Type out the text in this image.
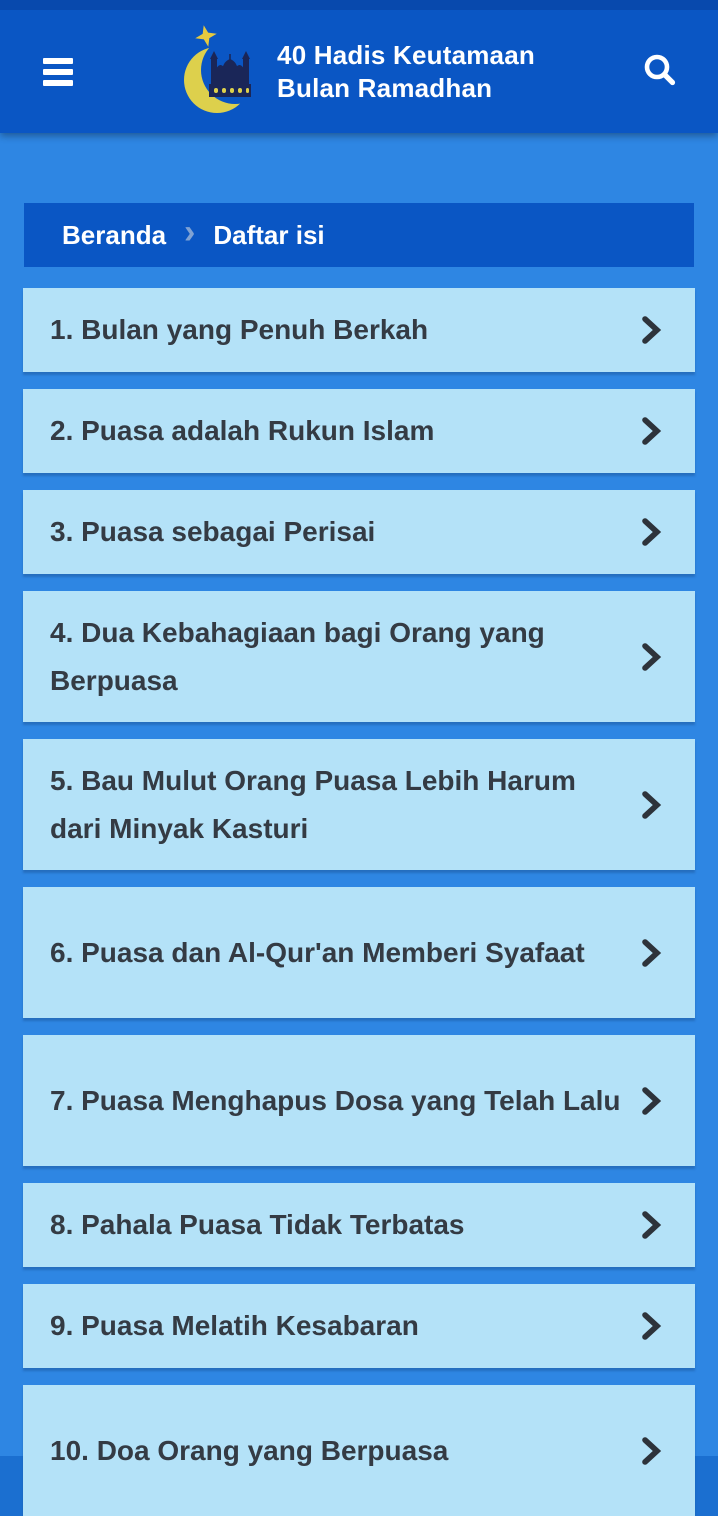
40 Hadis Keutamaan
Bulan Ramadhan
Beranda › Daftar isi
1. Bulan yang Penuh Berkah
2. Puasa adalah Rukun Islam
3. Puasa sebagai Perisai
4. Dua Kebahagiaan bagi Orang yang Berpuasa
5. Bau Mulut Orang Puasa Lebih Harum dari Minyak Kasturi
6. Puasa dan Al-Qur'an Memberi Syafaat
7. Puasa Menghapus Dosa yang Telah Lalu
8. Pahala Puasa Tidak Terbatas
9. Puasa Melatih Kesabaran
10. Doa Orang yang Berpuasa
